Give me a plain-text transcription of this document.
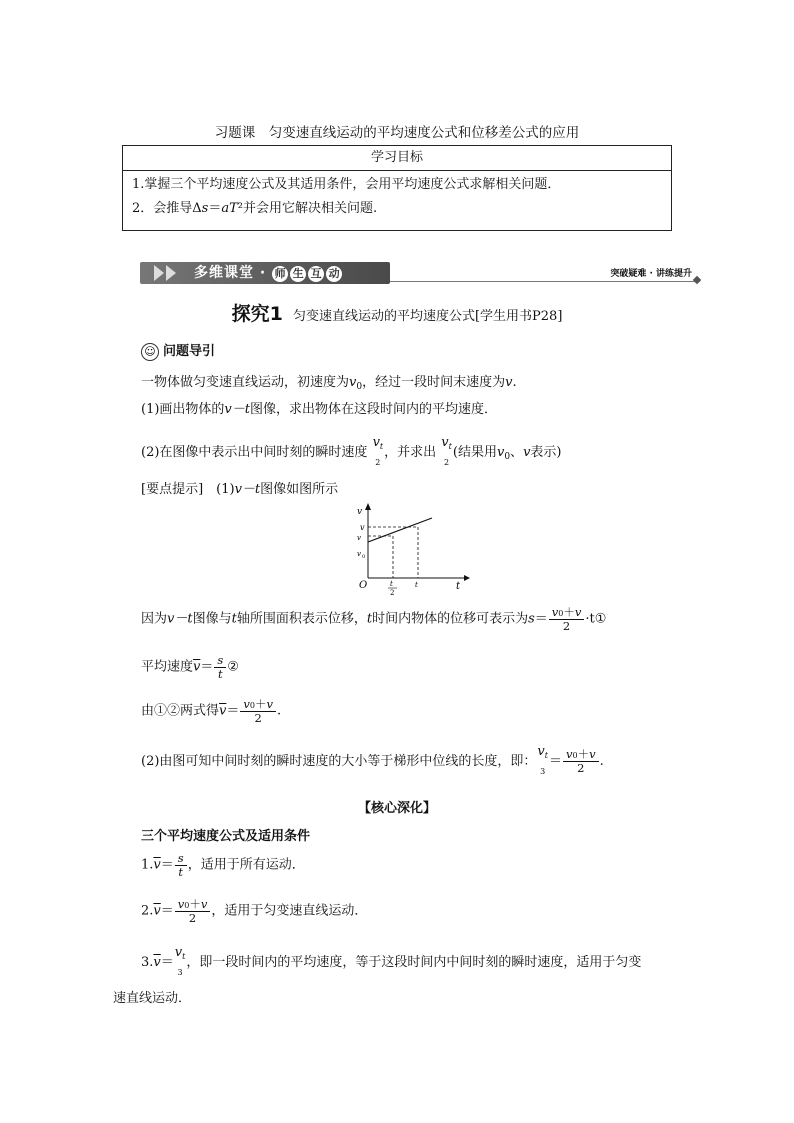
习题课　匀变速直线运动的平均速度公式和位移差公式的应用
学习目标
1.掌握三个平均速度公式及其适用条件，会用平均速度公式求解相关问题．
2．会推导Δs＝aT²并会用它解决相关问题.
多维课堂 · 师 生 互 动	突破疑难 · 讲练提升
探究1 匀变速直线运动的平均速度公式[学生用书P28]
☺ 问题导引
一物体做匀变速直线运动，初速度为$v_0$，经过一段时间末速度为v.
(1)画出物体的v－t图像，求出物体在这段时间内的平均速度．
(2)在图像中表示出中间时刻的瞬时速度 $v_{t 2}$，并求出 $v_{t 2}$(结果用$v_0$、v表示)
[要点提示]　(1)v－t图像如图所示
v
v
v
v 0
O	t
2
t	t
因为v－t图像与t轴所围面积表示位移，t时间内物体的位移可表示为$s= \frac{v0+v}{2}$ ·t①
平均速度$\overline{v}= \frac{s}{t}$ ②
由①②两式得$\overline{v}= \frac{v0+v}{2}$ .
(2)由图可知中间时刻的瞬时速度的大小等于梯形中位线的长度，即：$v_{t 3}= \frac{v0+v}{2}$ .
【核心深化】
三个平均速度公式及适用条件
$1.\overline{v}= \frac{s}{t}$ ，适用于所有运动．
$2.\overline{v}= \frac{v0+v}{2}$ ，适用于匀变速直线运动．
$3.\overline{v}=v_{t 3}$，即一段时间内的平均速度，等于这段时间内中间时刻的瞬时速度，适用于匀变
速直线运动．
